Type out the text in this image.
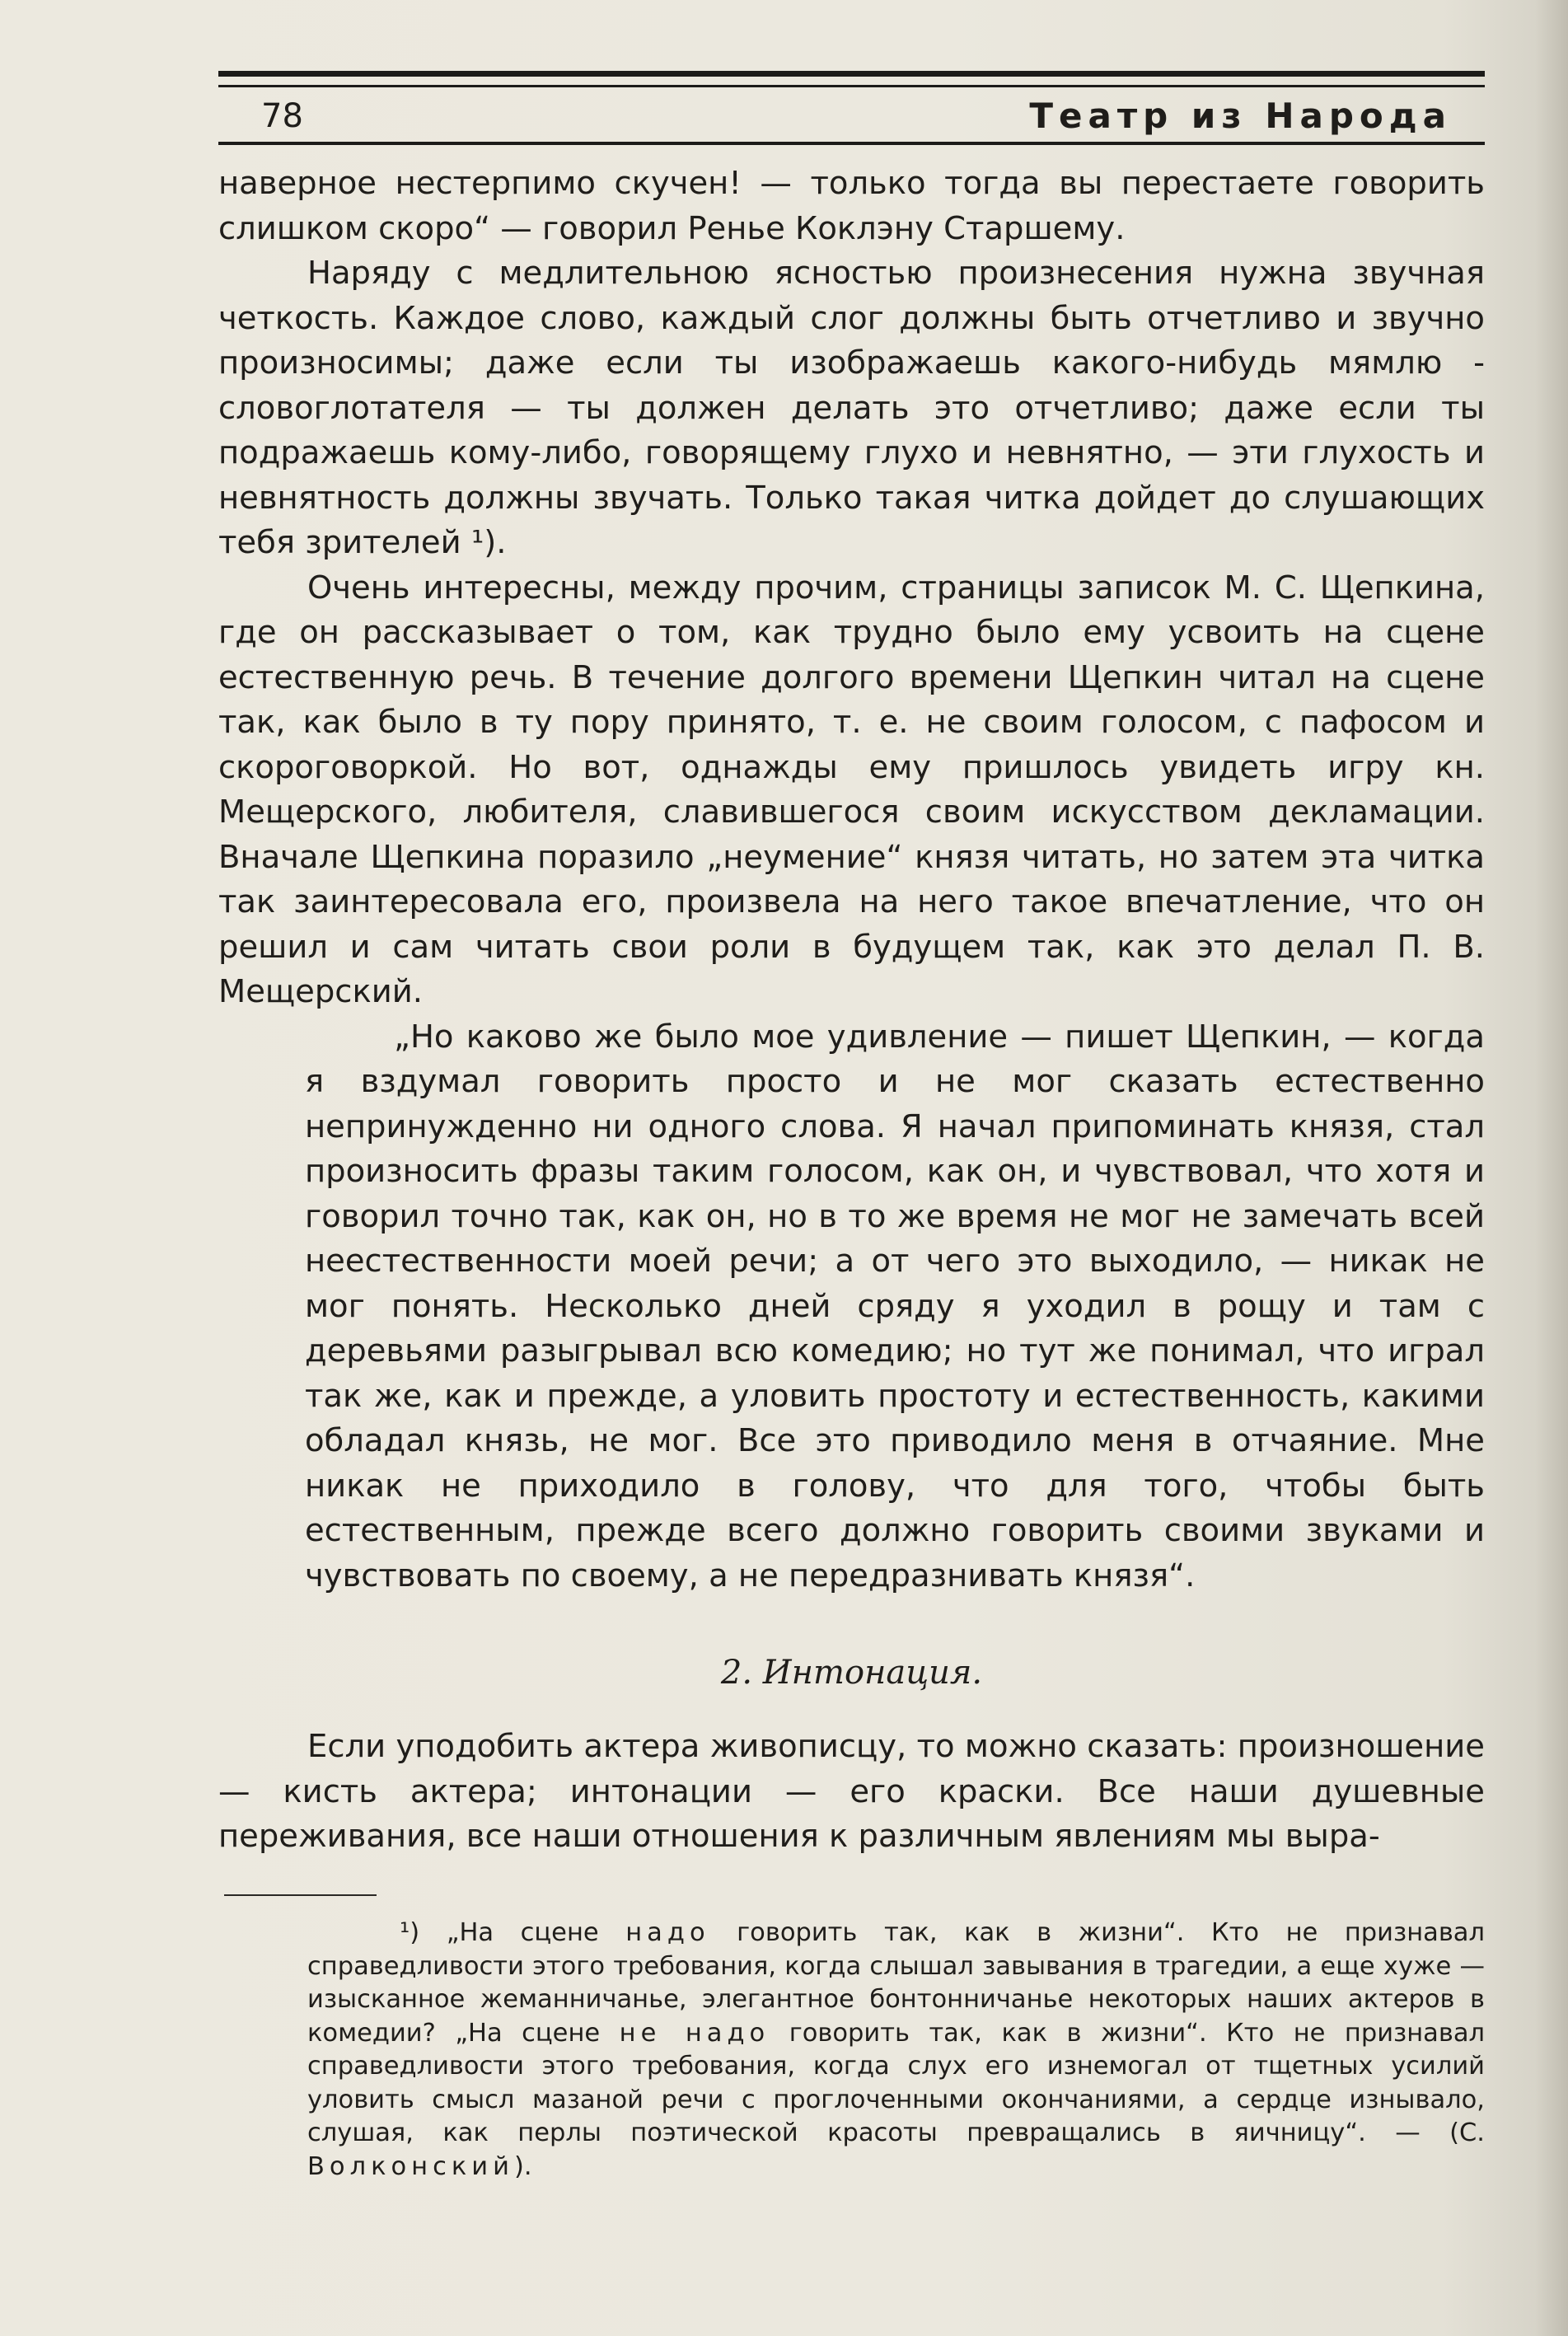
78	Театр из Народа

наверное нестерпимо скучен! — только тогда вы перестаете говорить слишком скоро“ — говорил Ренье Коклэну Старшему.

Наряду с медлительною ясностью произнесения нужна звучная четкость. Каждое слово, каждый слог должны быть отчетливо и звучно произносимы; даже если ты изображаешь какого-нибудь мямлю - словоглотателя — ты должен делать это отчетливо; даже если ты подражаешь кому-либо, говорящему глухо и невнятно, — эти глухость и невнятность должны звучать. Только такая читка дойдет до слушающих тебя зрителей ¹).

Очень интересны, между прочим, страницы записок М. С. Щепкина, где он рассказывает о том, как трудно было ему усвоить на сцене естественную речь. В течение долгого времени Щепкин читал на сцене так, как было в ту пору принято, т. е. не своим голосом, с пафосом и скороговоркой. Но вот, однажды ему пришлось увидеть игру кн. Мещерского, любителя, славившегося своим искусством декламации. Вначале Щепкина поразило „неумение“ князя читать, но затем эта читка так заинтересовала его, произвела на него такое впечатление, что он решил и сам читать свои роли в будущем так, как это делал П. В. Мещерский.

„Но каково же было мое удивление — пишет Щепкин, — когда я вздумал говорить просто и не мог сказать естественно непринужденно ни одного слова. Я начал припоминать князя, стал произносить фразы таким голосом, как он, и чувствовал, что хотя и говорил точно так, как он, но в то же время не мог не замечать всей неестественности моей речи; а от чего это выходило, — никак не мог понять. Несколько дней сряду я уходил в рощу и там с деревьями разыгрывал всю комедию; но тут же понимал, что играл так же, как и прежде, а уловить простоту и естественность, какими обладал князь, не мог. Все это приводило меня в отчаяние. Мне никак не приходило в голову, что для того, чтобы быть естественным, прежде всего должно говорить своими звуками и чувствовать по своему, а не передразнивать князя“.

2. Интонация.

Если уподобить актера живописцу, то можно сказать: произношение — кисть актера; интонации — его краски. Все наши душевные переживания, все наши отношения к различным явлениям мы выра-

¹) „На сцене надо говорить так, как в жизни“. Кто не признавал справедливости этого требования, когда слышал завывания в трагедии, а еще хуже — изысканное жеманничанье, элегантное бонтонничанье некоторых наших актеров в комедии? „На сцене не надо говорить так, как в жизни“. Кто не признавал справедливости этого требования, когда слух его изнемогал от тщетных усилий уловить смысл мазаной речи с проглоченными окончаниями, а сердце изнывало, слушая, как перлы поэтической красоты превращались в яичницу“. — (С. Волконский).
